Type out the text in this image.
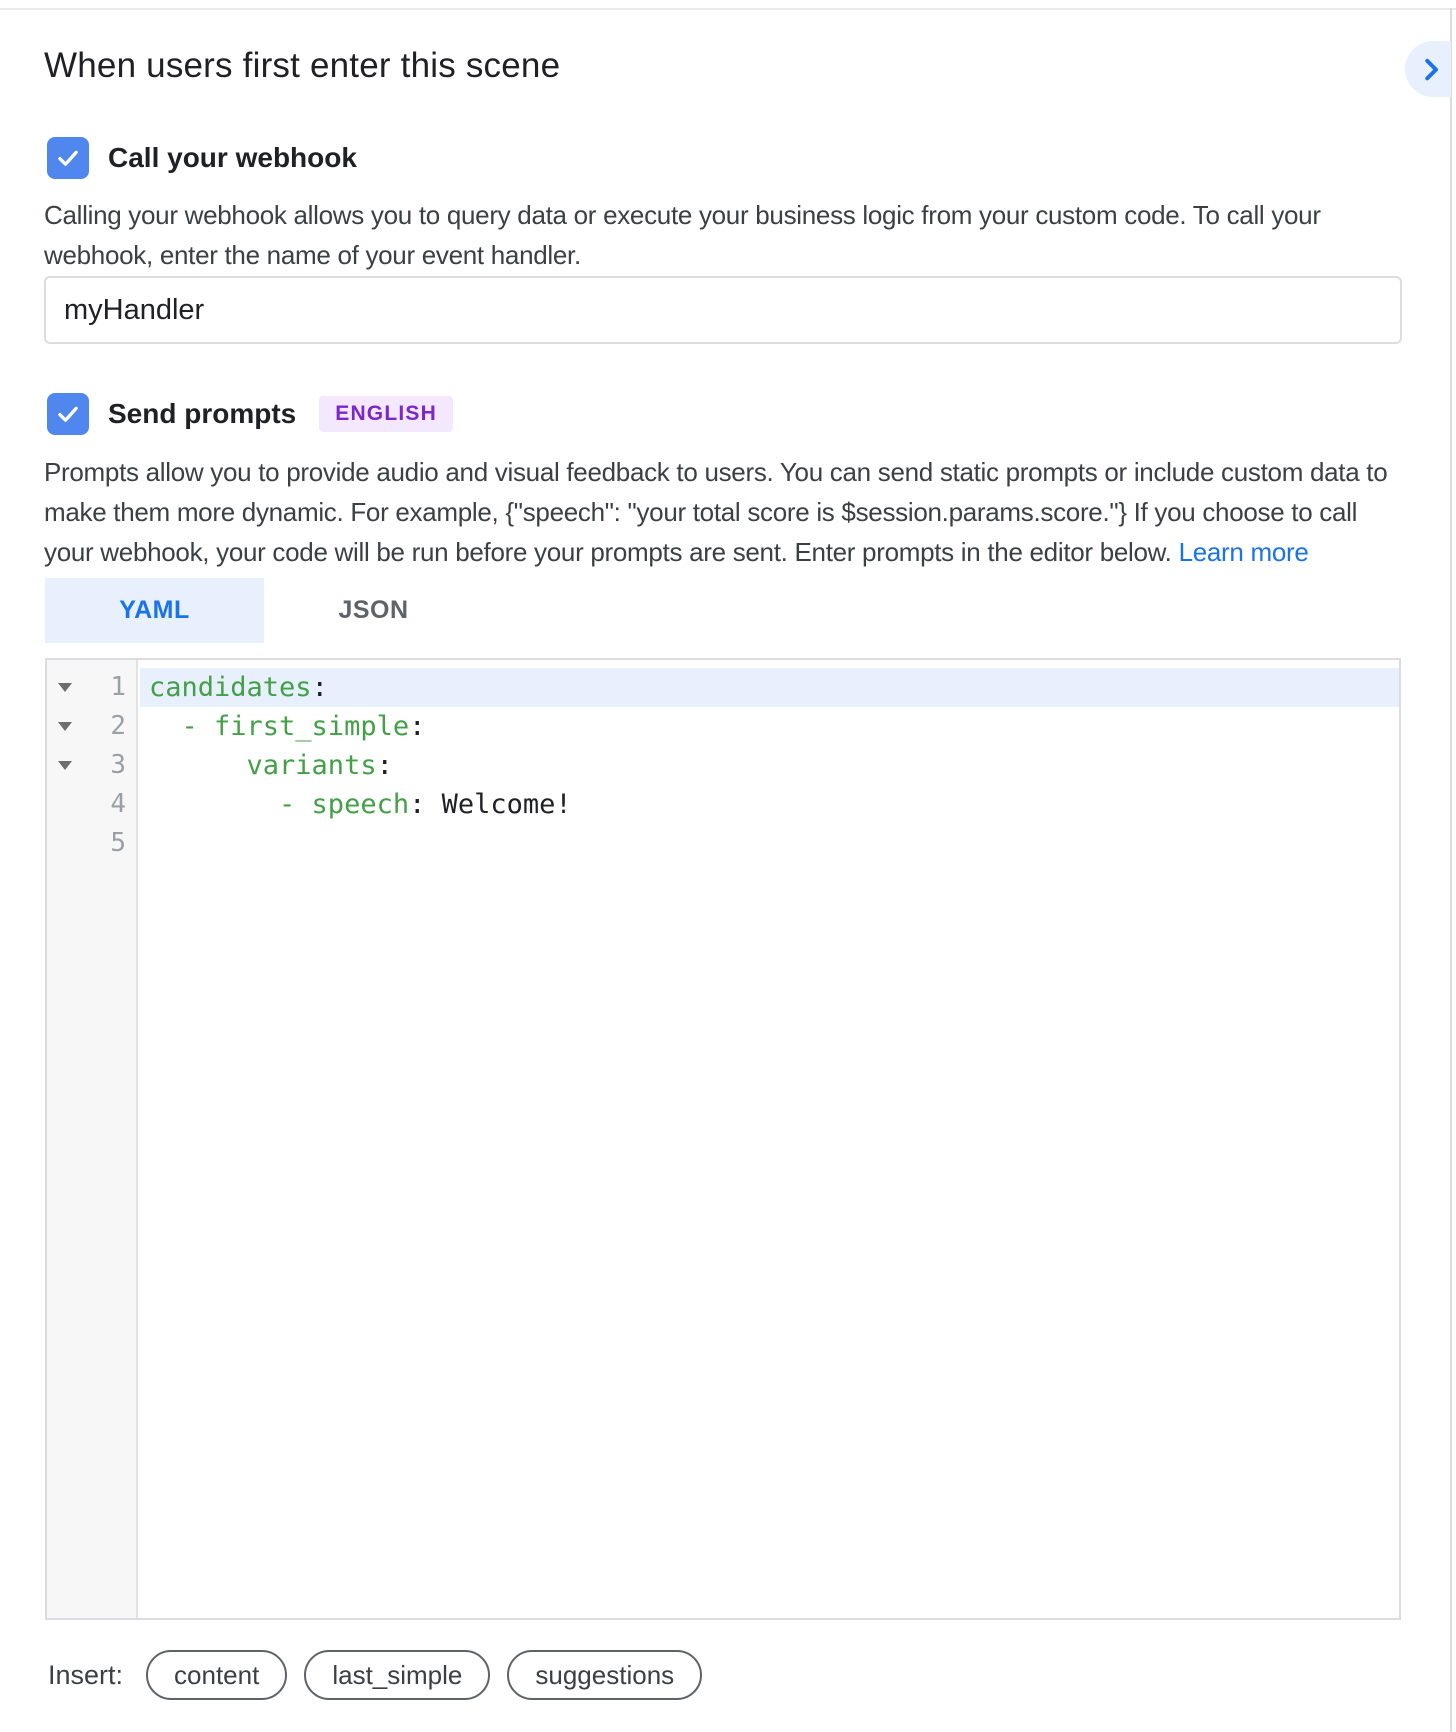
When users first enter this scene
Call your webhook
Calling your webhook allows you to query data or execute your business logic from your custom code. To call your webhook, enter the name of your event handler.
myHandler
Send prompts	ENGLISH
Prompts allow you to provide audio and visual feedback to users. You can send static prompts or include custom data to make them more dynamic. For example, {"speech": "your total score is $session.params.score."} If you choose to call your webhook, your code will be run before your prompts are sent. Enter prompts in the editor below. Learn more
YAML	JSON
1
2
3
4
5
candidates:
- first_simple:
variants:
- speech: Welcome!
Insert:	content	last_simple	suggestions
